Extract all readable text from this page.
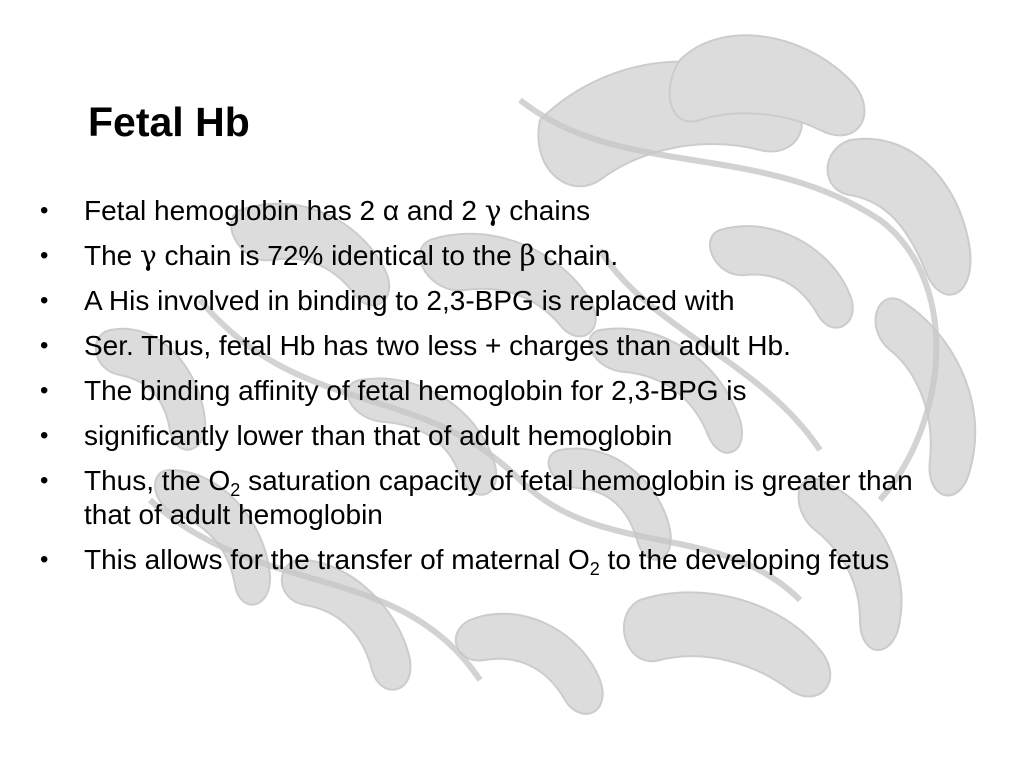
Fetal Hb
•	Fetal hemoglobin has 2 α and 2 γ chains
•	The γ chain is 72% identical to the β chain.
•	A His involved in binding to 2,3-BPG is replaced with
•	Ser. Thus, fetal Hb has two less + charges than adult Hb.
•	The binding affinity of fetal hemoglobin for 2,3-BPG is
•	significantly lower than that of adult hemoglobin
•	Thus, the $O_2$ saturation capacity of fetal hemoglobin is greater than that of adult hemoglobin
•	This allows for the transfer of maternal $O_2$ to the developing fetus
